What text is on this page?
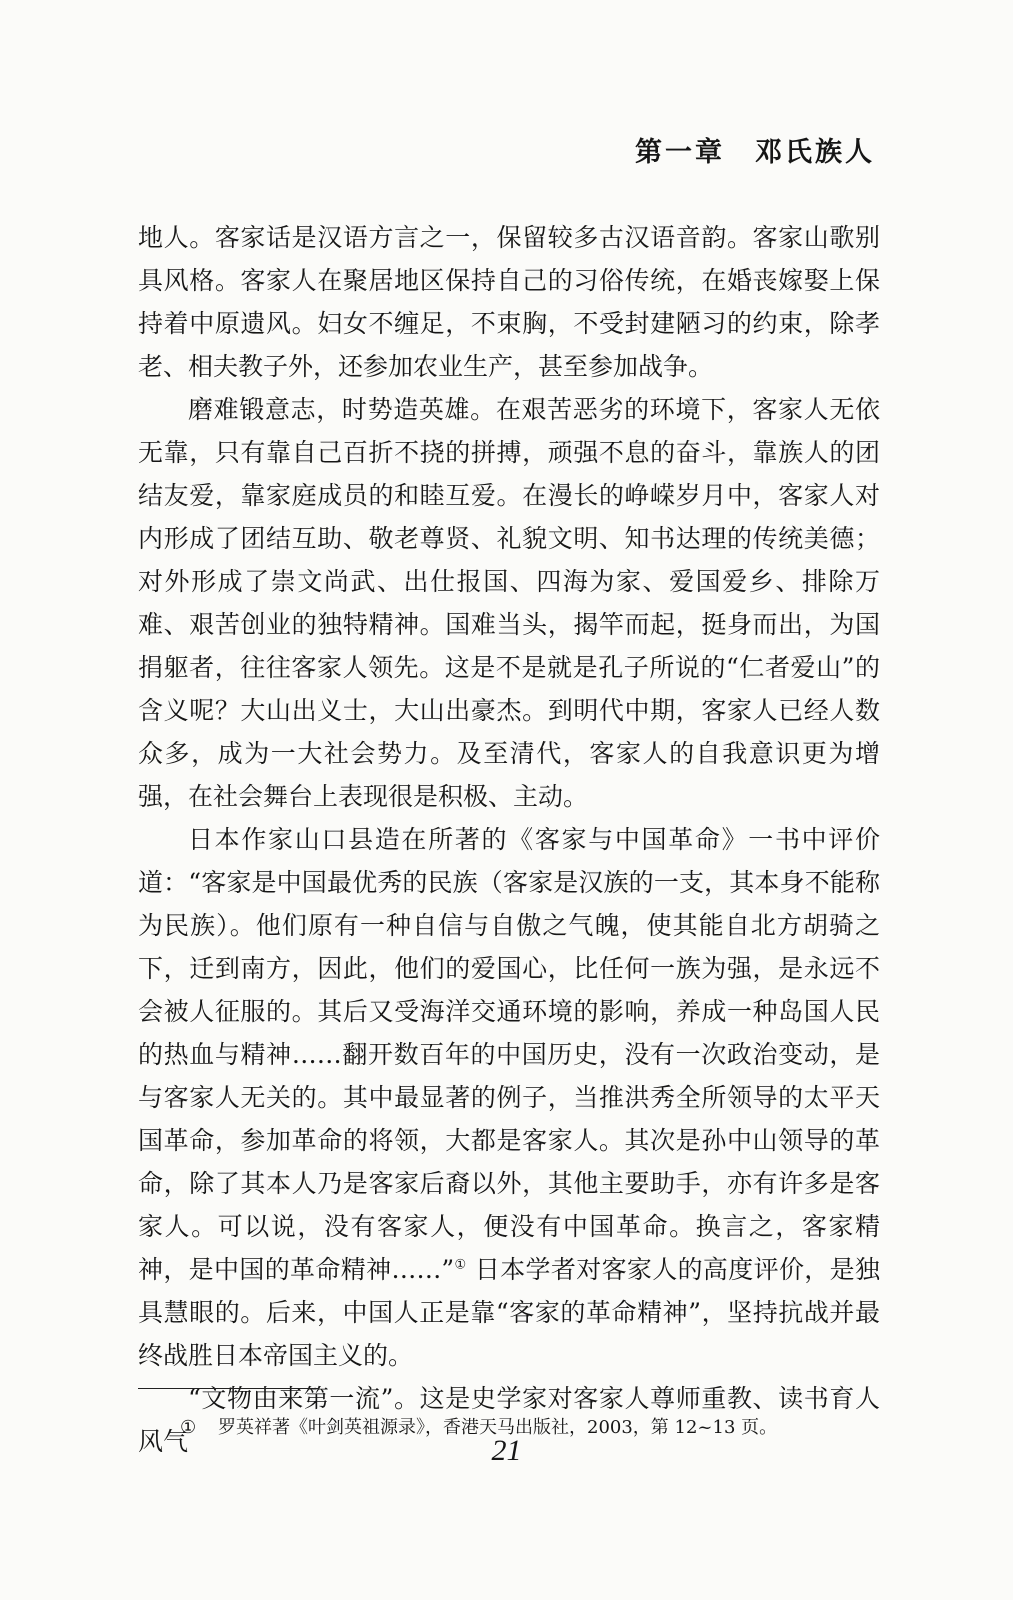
第一章 邓氏族人

地人。客家话是汉语方言之一，保留较多古汉语音韵。客家山歌别具风格。客家人在聚居地区保持自己的习俗传统，在婚丧嫁娶上保持着中原遗风。妇女不缠足，不束胸，不受封建陋习的约束，除孝老、相夫教子外，还参加农业生产，甚至参加战争。

磨难锻意志，时势造英雄。在艰苦恶劣的环境下，客家人无依无靠，只有靠自己百折不挠的拼搏，顽强不息的奋斗，靠族人的团结友爱，靠家庭成员的和睦互爱。在漫长的峥嵘岁月中，客家人对内形成了团结互助、敬老尊贤、礼貌文明、知书达理的传统美德；对外形成了崇文尚武、出仕报国、四海为家、爱国爱乡、排除万难、艰苦创业的独特精神。国难当头，揭竿而起，挺身而出，为国捐躯者，往往客家人领先。这是不是就是孔子所说的“仁者爱山”的含义呢？大山出义士，大山出豪杰。到明代中期，客家人已经人数众多，成为一大社会势力。及至清代，客家人的自我意识更为增强，在社会舞台上表现很是积极、主动。

日本作家山口县造在所著的《客家与中国革命》一书中评价道：“客家是中国最优秀的民族（客家是汉族的一支，其本身不能称为民族）。他们原有一种自信与自傲之气魄，使其能自北方胡骑之下，迁到南方，因此，他们的爱国心，比任何一族为强，是永远不会被人征服的。其后又受海洋交通环境的影响，养成一种岛国人民的热血与精神……翻开数百年的中国历史，没有一次政治变动，是与客家人无关的。其中最显著的例子，当推洪秀全所领导的太平天国革命，参加革命的将领，大都是客家人。其次是孙中山领导的革命，除了其本人乃是客家后裔以外，其他主要助手，亦有许多是客家人。可以说，没有客家人，便没有中国革命。换言之，客家精神，是中国的革命精神……”① 日本学者对客家人的高度评价，是独具慧眼的。后来，中国人正是靠“客家的革命精神”，坚持抗战并最终战胜日本帝国主义的。

“文物由来第一流”。这是史学家对客家人尊师重教、读书育人风气

① 罗英祥著《叶剑英祖源录》，香港天马出版社，2003，第 12~13 页。
21
